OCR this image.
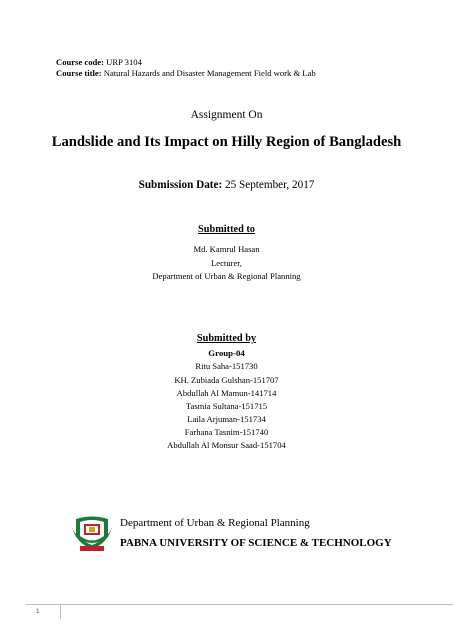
Course code: URP 3104
Course title: Natural Hazards and Disaster Management Field work & Lab
Assignment On
Landslide and Its Impact on Hilly Region of Bangladesh
Submission Date: 25 September, 2017
Submitted to
Md. Kamrul Hasan
Lecturer,
Department of Urban & Regional Planning
Submitted by
Group-04
Ritu Saha-151730
KH. Zubiada Gulshan-151707
Abdullah Al Mamun-141714
Tasmia Sultana-151715
Laila Arjuman-151734
Farhana Tasnim-151740
Abdullah Al Monsur Saad-151704
Department of Urban & Regional Planning
PABNA UNIVERSITY OF SCIENCE & TECHNOLOGY
1
